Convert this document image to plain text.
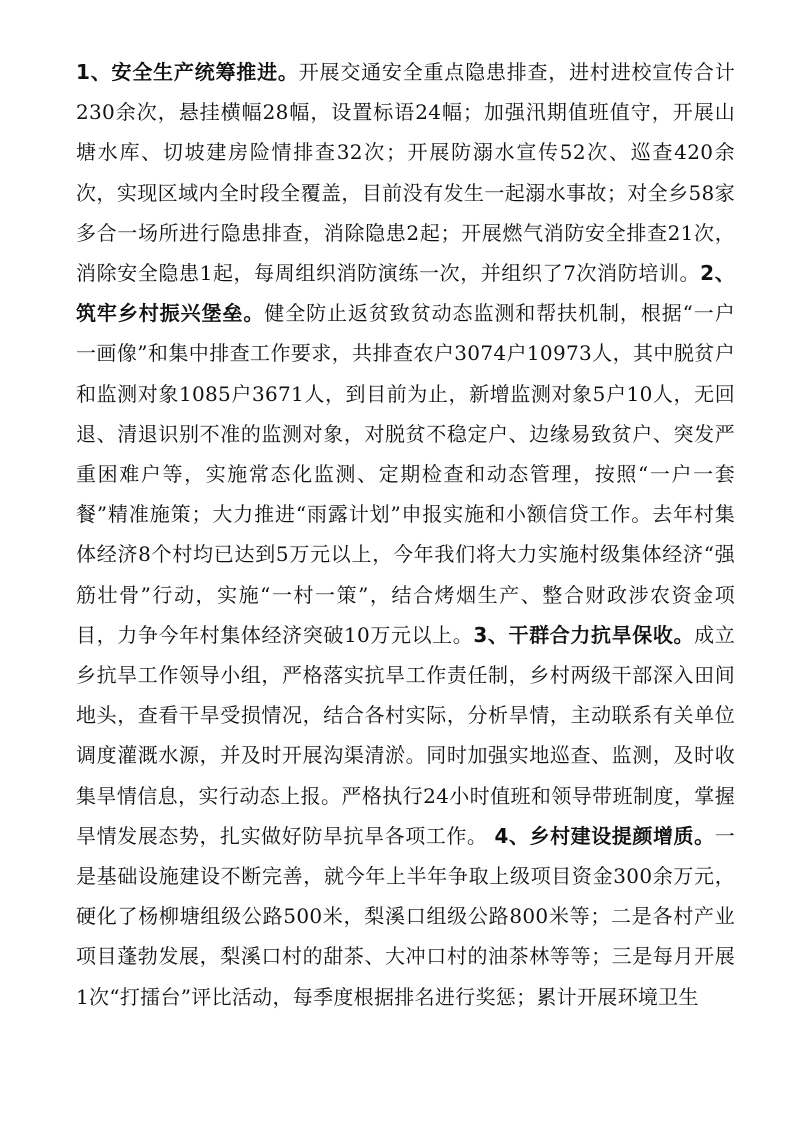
1、安全生产统筹推进。开展交通安全重点隐患排查，进村进校宣传合计230余次，悬挂横幅28幅，设置标语24幅；加强汛期值班值守，开展山塘水库、切坡建房险情排查32次；开展防溺水宣传52次、巡查420余次，实现区域内全时段全覆盖，目前没有发生一起溺水事故；对全乡58家多合一场所进行隐患排查，消除隐患2起；开展燃气消防安全排查21次，消除安全隐患1起，每周组织消防演练一次，并组织了7次消防培训。2、筑牢乡村振兴堡垒。健全防止返贫致贫动态监测和帮扶机制，根据“一户一画像”和集中排查工作要求，共排查农户3074户10973人，其中脱贫户和监测对象1085户3671人，到目前为止，新增监测对象5户10人，无回退、清退识别不准的监测对象，对脱贫不稳定户、边缘易致贫户、突发严重困难户等，实施常态化监测、定期检查和动态管理，按照“一户一套餐”精准施策；大力推进“雨露计划”申报实施和小额信贷工作。去年村集体经济8个村均已达到5万元以上，今年我们将大力实施村级集体经济“强筋壮骨”行动，实施“一村一策”，结合烤烟生产、整合财政涉农资金项目，力争今年村集体经济突破10万元以上。3、干群合力抗旱保收。成立乡抗旱工作领导小组，严格落实抗旱工作责任制，乡村两级干部深入田间地头，查看干旱受损情况，结合各村实际，分析旱情，主动联系有关单位调度灌溉水源，并及时开展沟渠清淤。同时加强实地巡查、监测，及时收集旱情信息，实行动态上报。严格执行24小时值班和领导带班制度，掌握旱情发展态势，扎实做好防旱抗旱各项工作。 4、乡村建设提颜增质。一是基础设施建设不断完善，就今年上半年争取上级项目资金300余万元，硬化了杨柳塘组级公路500米，梨溪口组级公路800米等；二是各村产业项目蓬勃发展，梨溪口村的甜茶、大冲口村的油茶林等等；三是每月开展1次“打擂台”评比活动，每季度根据排名进行奖惩；累计开展环境卫生
